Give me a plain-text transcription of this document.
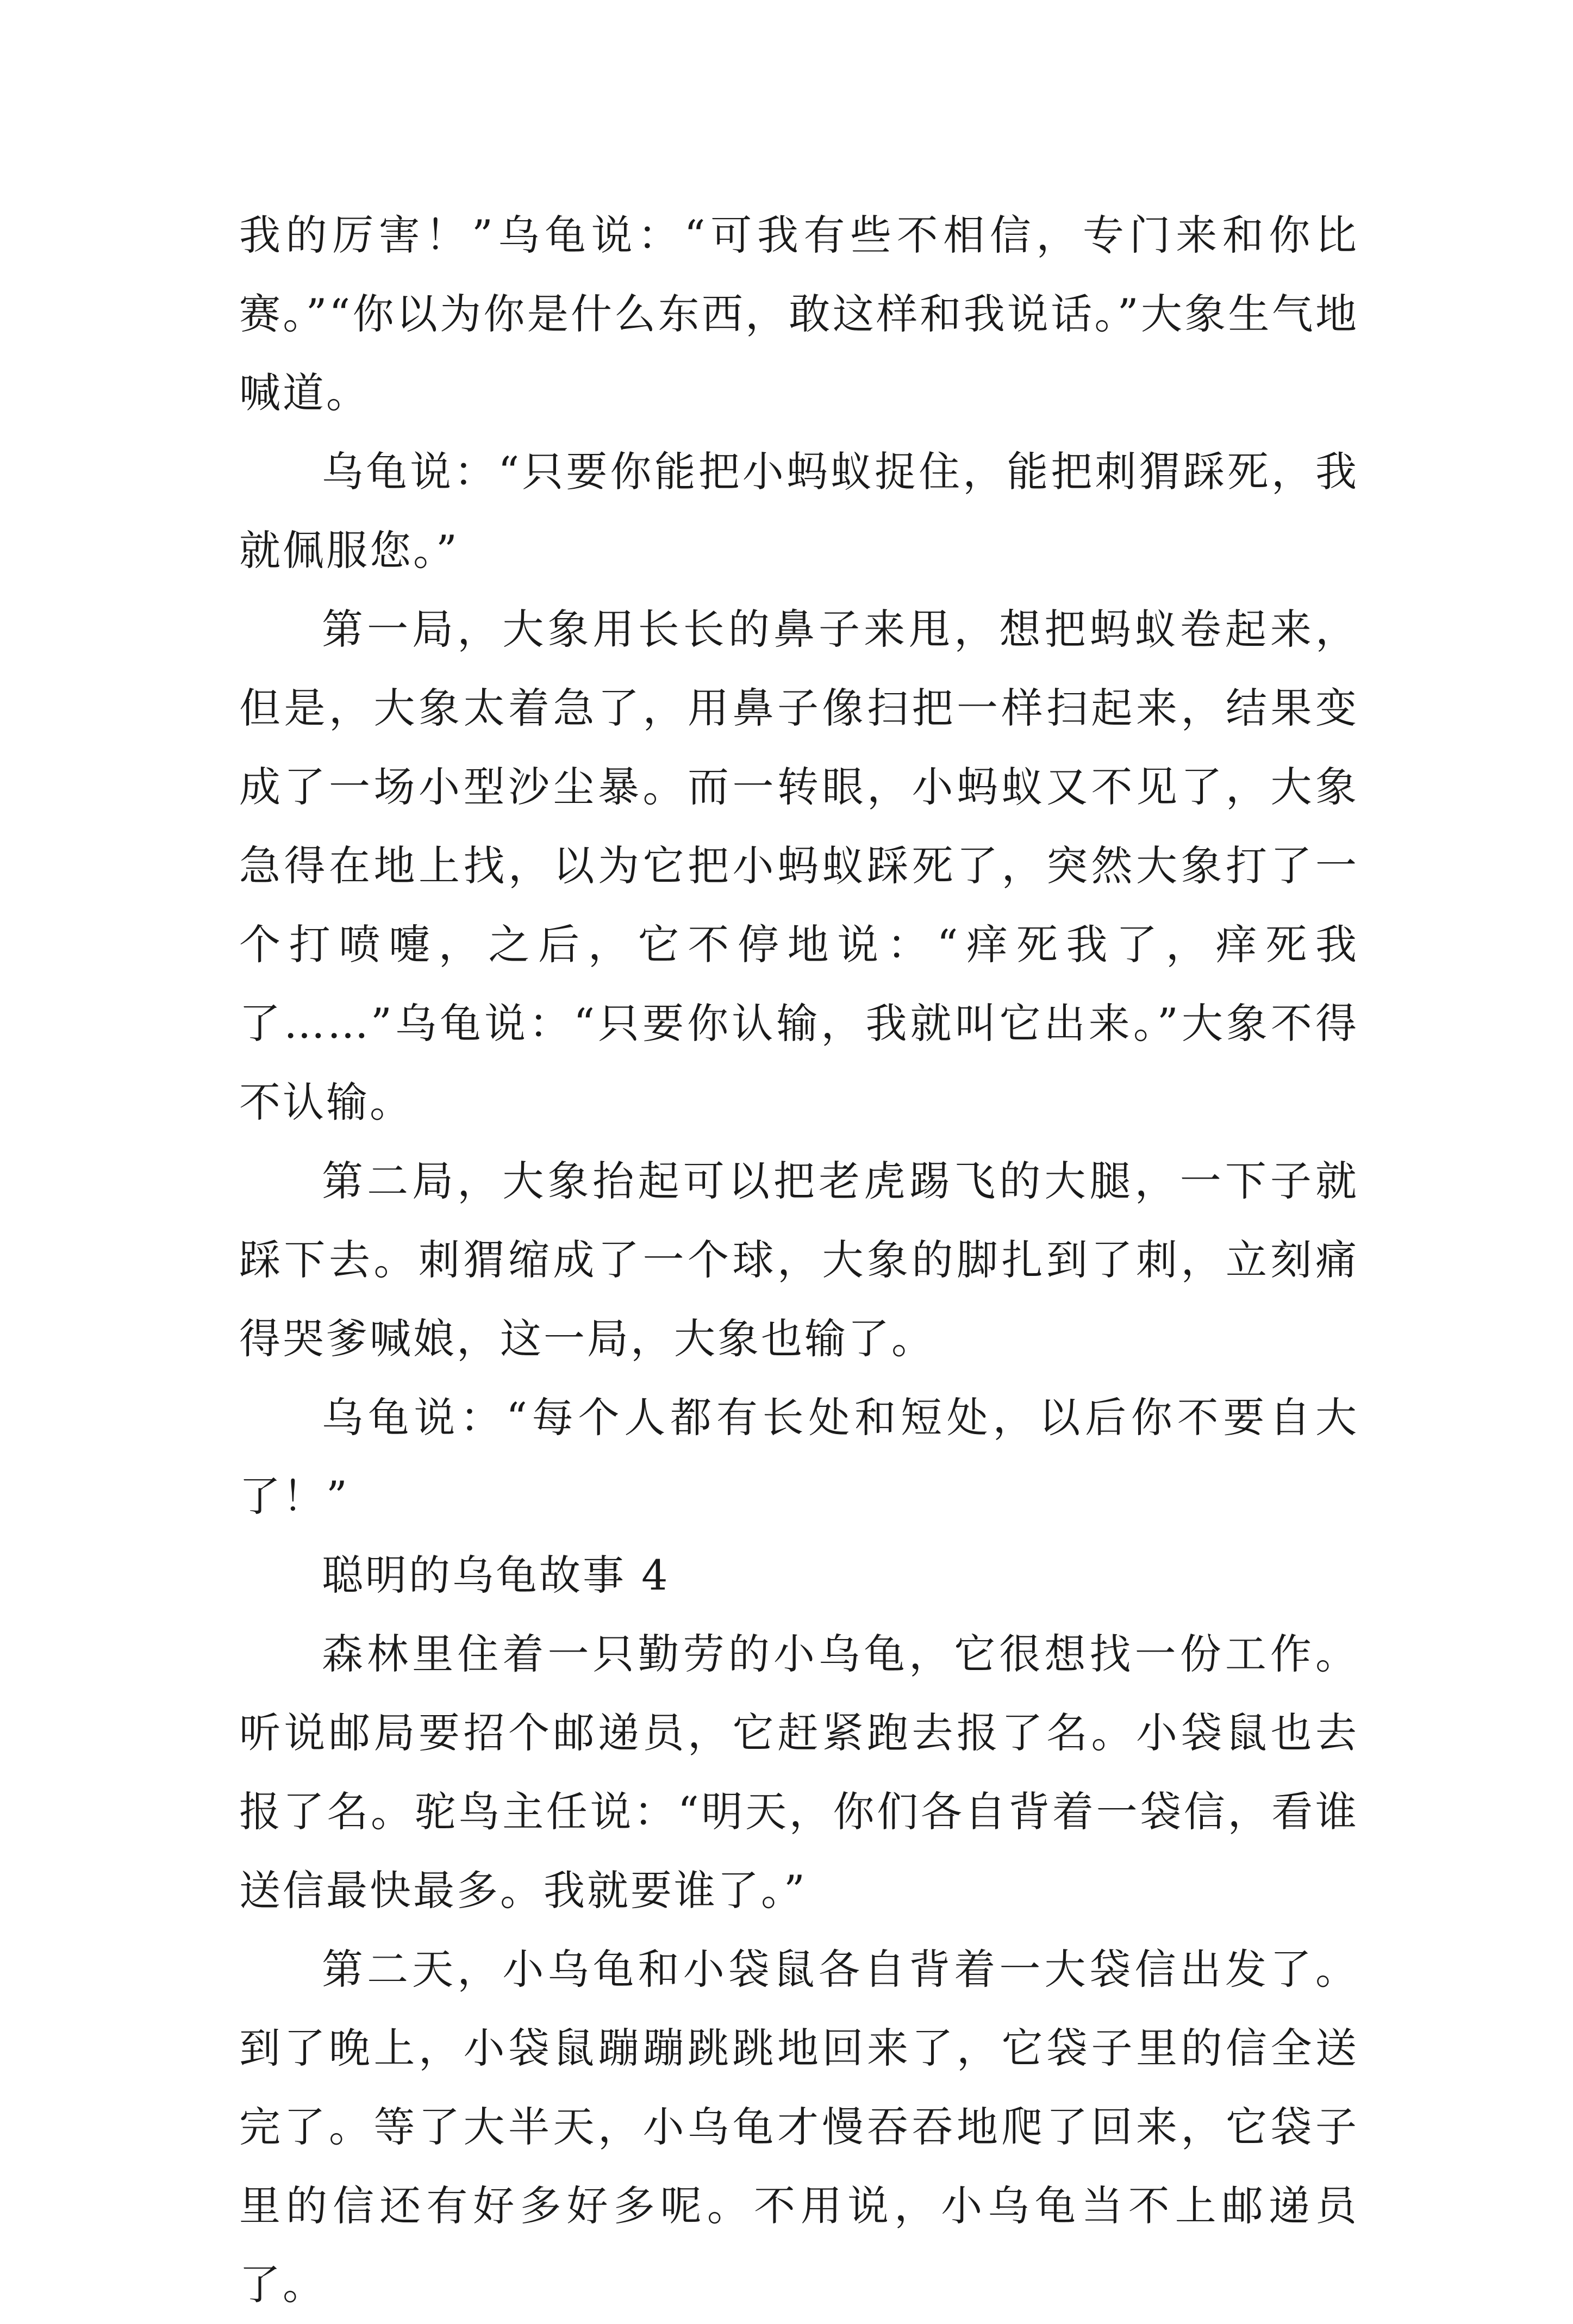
我的厉害！”乌龟说：“可我有些不相信，专门来和你比赛。”“你以为你是什么东西，敢这样和我说话。”大象生气地喊道。

乌龟说：“只要你能把小蚂蚁捉住，能把刺猬踩死，我就佩服您。”

第一局，大象用长长的鼻子来甩，想把蚂蚁卷起来，但是，大象太着急了，用鼻子像扫把一样扫起来，结果变成了一场小型沙尘暴。而一转眼，小蚂蚁又不见了，大象急得在地上找，以为它把小蚂蚁踩死了，突然大象打了一个打喷嚏，之后，它不停地说：“痒死我了，痒死我了……”乌龟说：“只要你认输，我就叫它出来。”大象不得不认输。

第二局，大象抬起可以把老虎踢飞的大腿，一下子就踩下去。刺猬缩成了一个球，大象的脚扎到了刺，立刻痛得哭爹喊娘，这一局，大象也输了。

乌龟说：“每个人都有长处和短处，以后你不要自大了！”

聪明的乌龟故事 4

森林里住着一只勤劳的小乌龟，它很想找一份工作。听说邮局要招个邮递员，它赶紧跑去报了名。小袋鼠也去报了名。驼鸟主任说：“明天，你们各自背着一袋信，看谁送信最快最多。我就要谁了。”

第二天，小乌龟和小袋鼠各自背着一大袋信出发了。到了晚上，小袋鼠蹦蹦跳跳地回来了，它袋子里的信全送完了。等了大半天，小乌龟才慢吞吞地爬了回来，它袋子里的信还有好多好多呢。不用说，小乌龟当不上邮递员了。
